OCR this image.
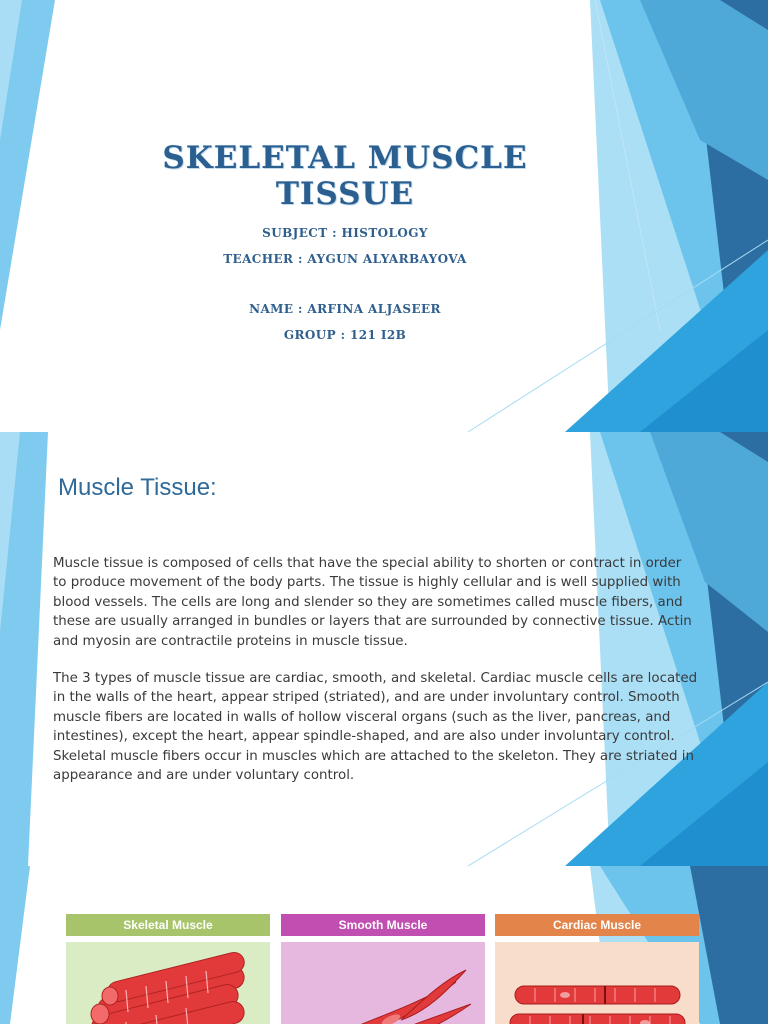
SKELETAL MUSCLE TISSUE
SUBJECT : HISTOLOGY
TEACHER : AYGUN ALYARBAYOVA
NAME : ARFINA ALJASEER
GROUP : 121 I2B
Muscle Tissue:
Muscle tissue is composed of cells that have the special ability to shorten or contract in order to produce movement of the body parts. The tissue is highly cellular and is well supplied with blood vessels. The cells are long and slender so they are sometimes called muscle fibers, and these are usually arranged in bundles or layers that are surrounded by connective tissue. Actin and myosin are contractile proteins in muscle tissue.
The 3 types of muscle tissue are cardiac, smooth, and skeletal. Cardiac muscle cells are located in the walls of the heart, appear striped (striated), and are under involuntary control. Smooth muscle fibers are located in walls of hollow visceral organs (such as the liver, pancreas, and intestines), except the heart, appear spindle-shaped, and are also under involuntary control. Skeletal muscle fibers occur in muscles which are attached to the skeleton. They are striated in appearance and are under voluntary control.
Skeletal Muscle	Smooth Muscle	Cardiac Muscle
